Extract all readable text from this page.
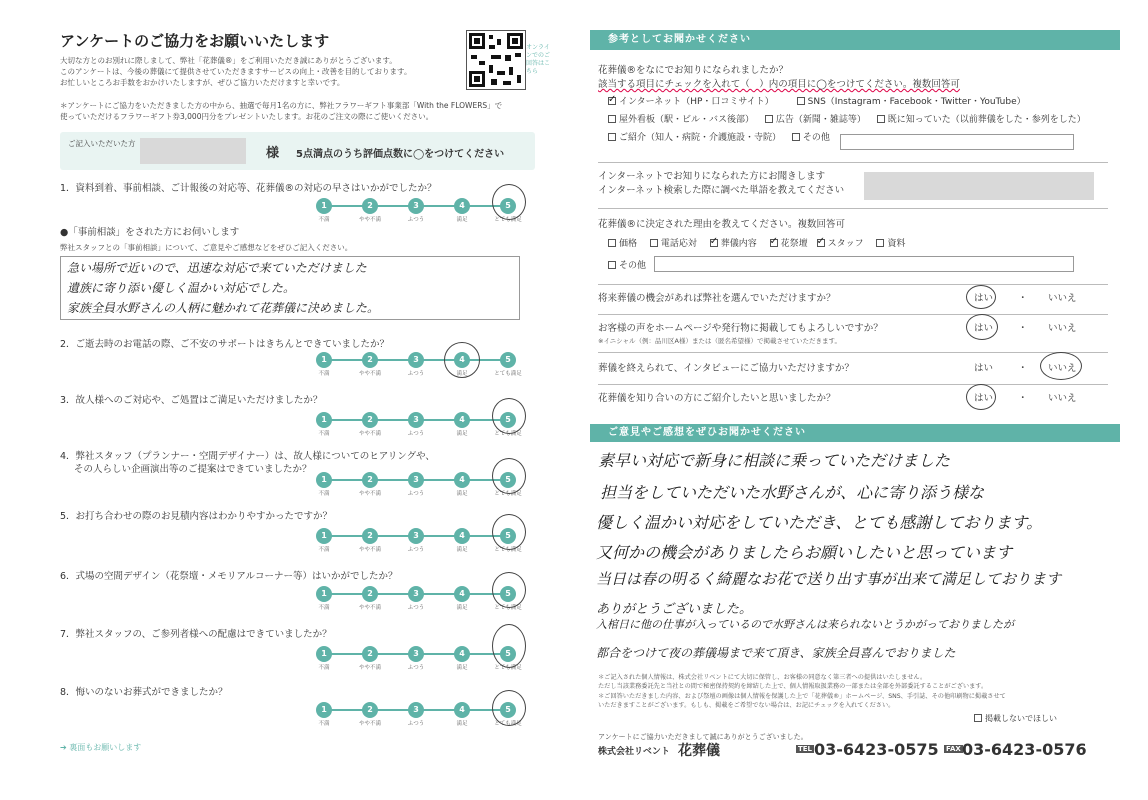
アンケートのご協力をお願いいたします
大切な方とのお別れに際しまして、弊社「花葬儀®」をご利用いただき誠にありがとうございます。
このアンケートは、今後の葬儀にて提供させていただきますサービスの向上・改善を目的しております。
お忙しいところお手数をおかけいたしますが、ぜひご協力いただけますと幸いです。
オンラインでのご回答はこちら
＊アンケートにご協力をいただきました方の中から、抽選で毎月1名の方に、弊社フラワーギフト事業部「With the FLOWERS」で
使っていただけるフラワーギフト券3,000円分をプレゼントいたします。お花のご注文の際にご使いください。
ご記入いただいた方
様 5点満点のうち評価点数に◯をつけてください
1．資料到着、事前相談、ご计報後の対応等、花葬儀®の対応の早さはいかがでしたか？
1	2	3	4	5
不満	やや不満	ふつう	満足	とても満足
●「事前相談」をされた方にお伺いします
弊社スタッフとの「事前相談」について、ご意見やご感想などをぜひご記入ください。
急い場所で近いので、迅速な対応で来ていただけました
遺族に寄り添い優しく温かい対応でした。
家族全員水野さんの人柄に魅かれて花葬儀に決めました。
2．ご逝去時のお電話の際、ご不安のサポートはきちんとできていましたか？
1	2	3	4	5
不満	やや不満	ふつう	満足	とても満足
3．故人様へのご対応や、ご処置はご満足いただけましたか？
1	2	3	4	5
不満	やや不満	ふつう	満足	とても満足
4．弊社スタッフ（プランナー・空間デザイナー）は、故人様についてのヒアリングや、
その人らしい企画演出等のご提案はできていましたか？
1	2	3	4	5
不満	やや不満	ふつう	満足	とても満足
5．お打ち合わせの際のお見積内容はわかりやすかったですか？
1	2	3	4	5
不満	やや不満	ふつう	満足	とても満足
6．式場の空間デザイン（花祭壇・メモリアルコーナー等）はいかがでしたか？
1	2	3	4	5
不満	やや不満	ふつう	満足	とても満足
7．弊社スタッフの、ご参列者様への配慮はできていましたか？
1	2	3	4	5
不満	やや不満	ふつう	満足	とても満足
8．悔いのないお葬式ができましたか？
1	2	3	4	5
不満	やや不満	ふつう	満足	とても満足
➔ 裏面もお願いします
参考としてお聞かせください
花葬儀®をなにでお知りになられましたか？
該当する項目にチェックを入れて（　）内の項目に◯をつけてください。複数回答可
✓インターネット（HP・口コミサイト）	SNS（Instagram・Facebook・Twitter・YouTube）
屋外看板（駅・ビル・バス後部） 広告（新聞・雑誌等） 既に知っていた（以前葬儀をした・参列をした）
ご紹介（知人・病院・介護施設・寺院） その他
インターネットでお知りになられた方にお聞きします
インターネット検索した際に調べた単語を教えてください
花葬儀®に決定された理由を教えてください。複数回答可
価格	電話応対 ✓	葬儀内容 ✓	花祭壇 ✓ スタッフ	資料
その他
将来葬儀の機会があれば弊社を選んでいただけますか？	はい	・ いいえ
お客様の声をホームページや発行物に掲載してもよろしいですか？
※イニシャル（例：品川区A様）または（匿名希望様）で掲載させていただきます。
はい	・ いいえ
葬儀を終えられて、インタビューにご協力いただけますか？	はい	・ いいえ
花葬儀を知り合いの方にご紹介したいと思いましたか？	はい	・ いいえ
ご意見やご感想をぜひお聞かせください
素早い対応で新身に相談に乗っていただけました
担当をしていただいた水野さんが、心に寄り添う様な
優しく温かい対応をしていただき、とても感謝しております。
又何かの機会がありましたらお願いしたいと思っています
当日は春の明るく綺麗なお花で送り出す事が出来て満足しております
ありがとうございました。
入棺日に他の仕事が入っているので水野さんは来られないとうかがっておりましたが
都合をつけて夜の葬儀場まで来て頂き、家族全員喜んでおりました
＊ご記入された個人情報は、株式会社リベントにて大切に保管し、お客様の同意なく第三者への提供はいたしません。
ただし当該業務委託先と当社との間で秘密保持契約を締結した上で、個人情報取扱業務の一部または全部を外部委託することがございます。
＊ご回答いただきました内容、および祭壇の画像は個人情報を保護した上で「花葬儀®」ホームページ、SNS、手引誌、その他印刷物に掲載させて
いただきますことがございます。もしも、掲載をご希望でない場合は、お記にチェックを入れてください。
掲載しないでほしい
アンケートにご協力いただきまして誠にありがとうございました。
株式会社リベント 花葬儀	TEL 03-6423-0575 FAX 03-6423-0576
